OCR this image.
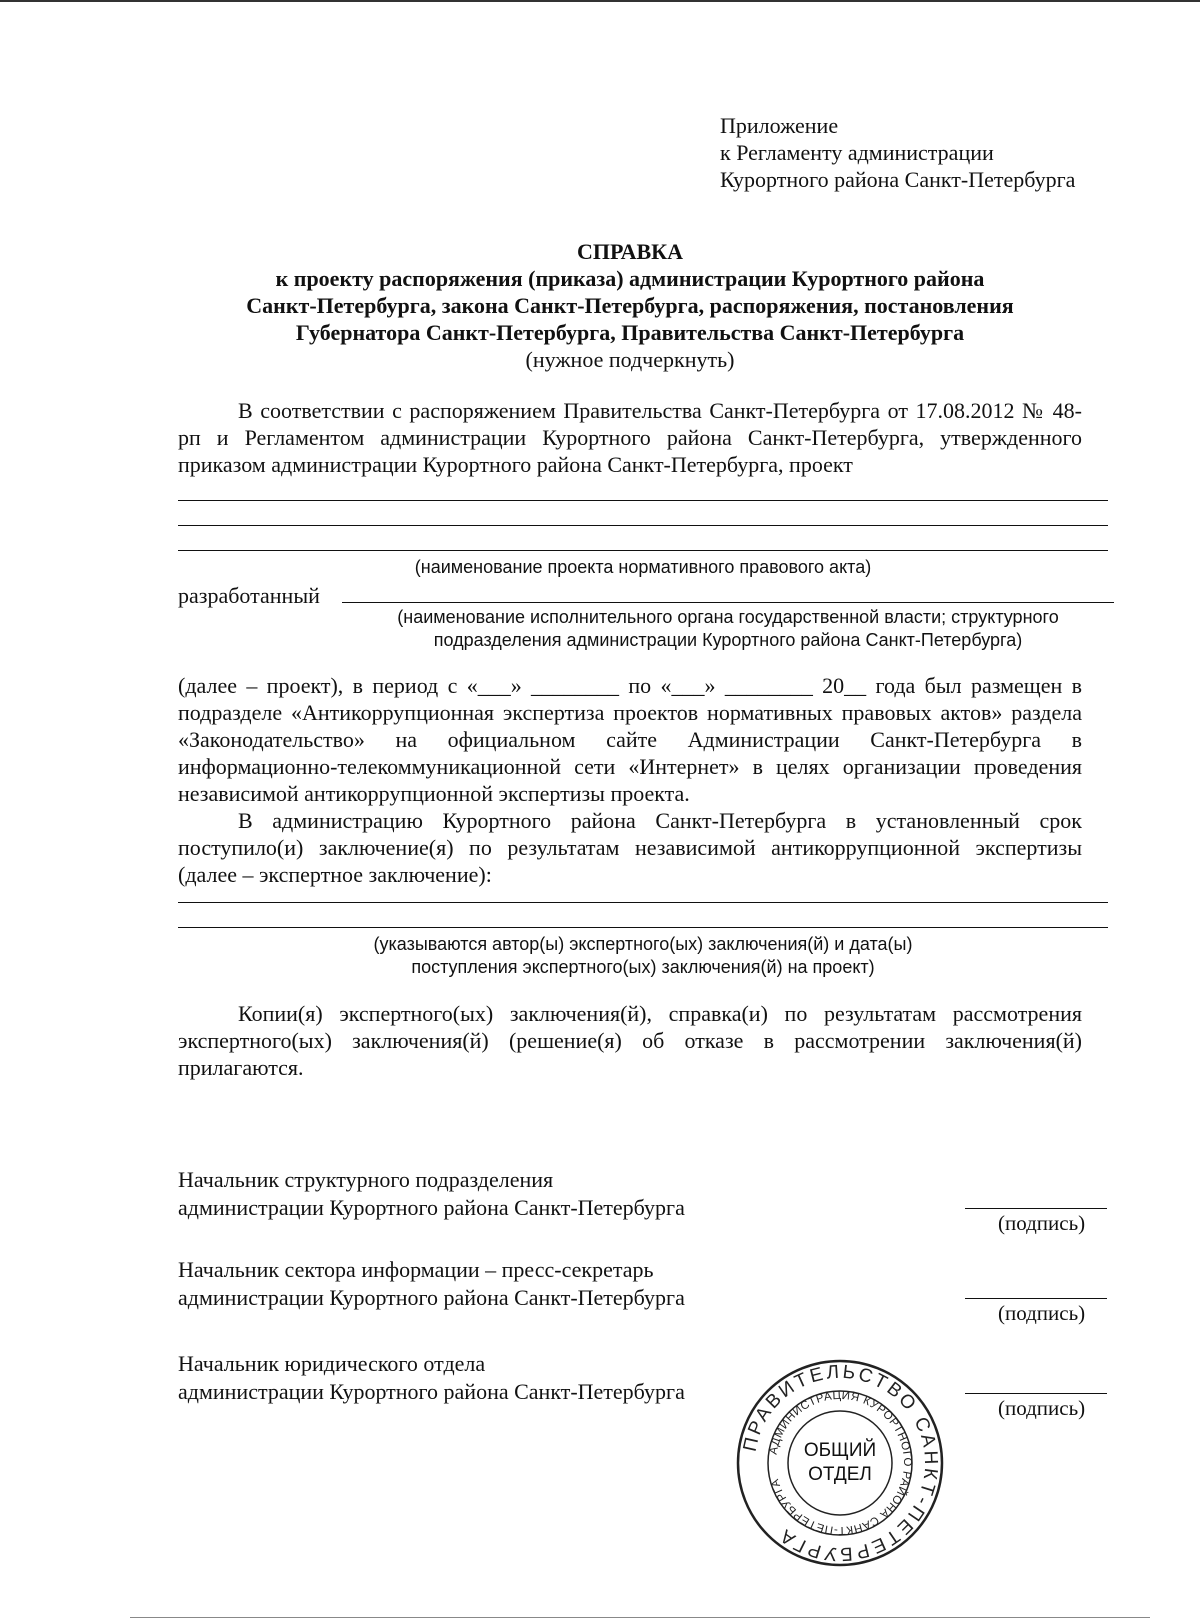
Приложение
к Регламенту администрации
Курортного района Санкт-Петербурга
СПРАВКА
к проекту распоряжения (приказа) администрации Курортного района
Санкт-Петербурга, закона Санкт-Петербурга, распоряжения, постановления
Губернатора Санкт-Петербурга, Правительства Санкт-Петербурга
(нужное подчеркнуть)

В соответствии с распоряжением Правительства Санкт-Петербурга от 17.08.2012 № 48-рп и Регламентом администрации Курортного района Санкт-Петербурга, утвержденного приказом администрации Курортного района Санкт-Петербурга, проект

(наименование проекта нормативного правового акта)
разработанный
(наименование исполнительного органа государственной власти; структурного
подразделения администрации Курортного района Санкт-Петербурга)

(далее – проект), в период с «___» ________ по «___» ________ 20__ года был размещен в подразделе «Антикоррупционная экспертиза проектов нормативных правовых актов» раздела «Законодательство» на официальном сайте Администрации Санкт-Петербурга в информационно-телекоммуникационной сети «Интернет» в целях организации проведения независимой антикоррупционной экспертизы проекта.

В администрацию Курортного района Санкт-Петербурга в установленный срок поступило(и) заключение(я) по результатам независимой антикоррупционной экспертизы (далее – экспертное заключение):

(указываются автор(ы) экспертного(ых) заключения(й) и дата(ы)
поступления экспертного(ых) заключения(й) на проект)

Копии(я) экспертного(ых) заключения(й), справка(и) по результатам рассмотрения экспертного(ых) заключения(й) (решение(я) об отказе в рассмотрении заключения(й) прилагаются.

Начальник структурного подразделения
администрации Курортного района Санкт-Петербурга
(подпись)
Начальник сектора информации – пресс-секретарь
администрации Курортного района Санкт-Петербурга
(подпись)
Начальник юридического отдела
администрации Курортного района Санкт-Петербурга
(подпись)
ПРАВИТЕЛЬСТВО САНКТ-ПЕТЕРБУРГА
АДМИНИСТРАЦИЯ КУРОРТНОГО РАЙОНА САНКТ-ПЕТЕРБУРГА
ОБЩИЙ
ОТДЕЛ
